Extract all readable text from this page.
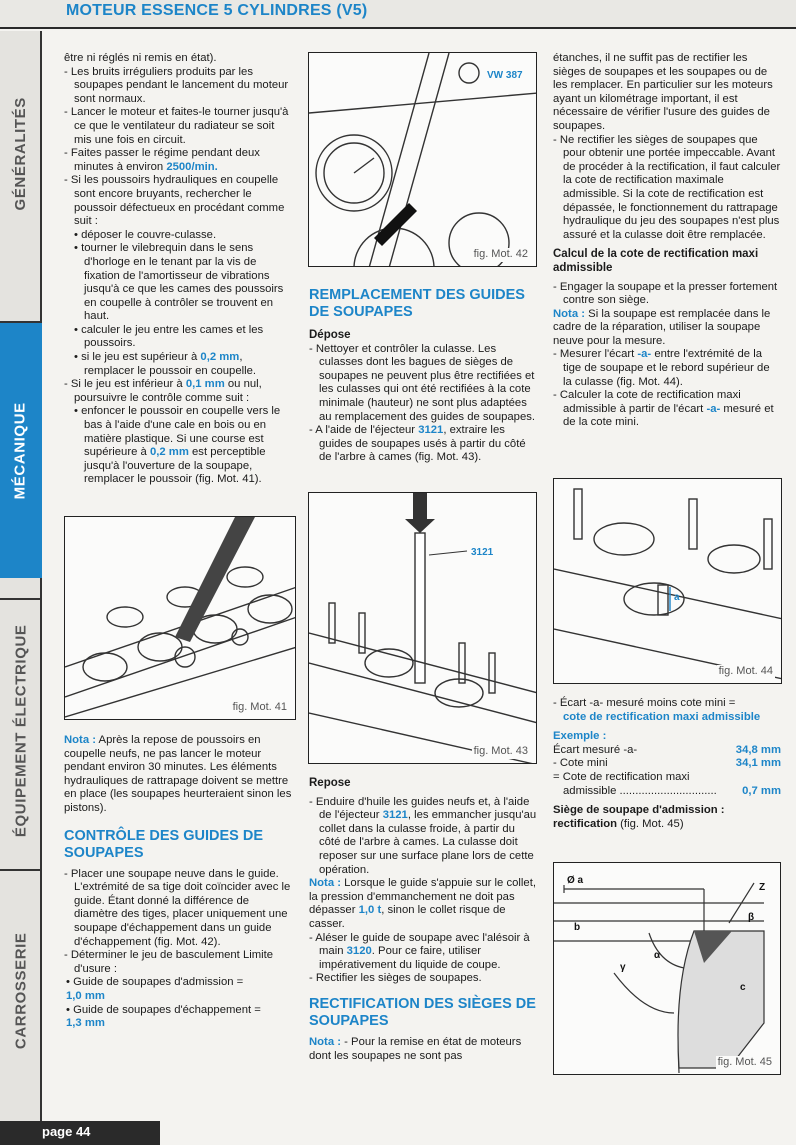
MOTEUR ESSENCE 5 CYLINDRES (V5)
GÉNÉRALITÉS
MÉCANIQUE
ÉQUIPEMENT ÉLECTRIQUE
CARROSSERIE

être ni réglés ni remis en état).

- Les bruits irréguliers produits par les soupapes pendant le lancement du moteur sont normaux.

- Lancer le moteur et faites-le tourner jusqu'à ce que le ventilateur du radiateur se soit mis une fois en circuit.

- Faites passer le régime pendant deux minutes à environ 2500/min.

- Si les poussoirs hydrauliques en coupelle sont encore bruyants, rechercher le poussoir défectueux en procédant comme suit :

• déposer le couvre-culasse.

• tourner le vilebrequin dans le sens d'horloge en le tenant par la vis de fixation de l'amortisseur de vibrations jusqu'à ce que les cames des poussoirs en coupelle à contrôler se trouvent en haut.

• calculer le jeu entre les cames et les poussoirs.

• si le jeu est supérieur à 0,2 mm, remplacer le poussoir en coupelle.

- Si le jeu est inférieur à 0,1 mm ou nul, poursuivre le contrôle comme suit :

• enfoncer le poussoir en coupelle vers le bas à l'aide d'une cale en bois ou en matière plastique. Si une course est supérieure à 0,2 mm est perceptible jusqu'à l'ouverture de la soupape, remplacer le poussoir (fig. Mot. 41).

fig. Mot. 41

Nota : Après la repose de poussoirs en coupelle neufs, ne pas lancer le moteur pendant environ 30 minutes. Les éléments hydrauliques de rattrapage doivent se mettre en place (les soupapes heurteraient sinon les pistons).

CONTRÔLE DES GUIDES DE SOUPAPES

- Placer une soupape neuve dans le guide. L'extrémité de sa tige doit coïncider avec le guide. Étant donné la différence de diamètre des tiges, placer uniquement une soupape d'échappement dans un guide d'échappement (fig. Mot. 42).

- Déterminer le jeu de basculement Limite d'usure :

• Guide de soupapes d'admission =

1,0 mm

• Guide de soupapes d'échappement =

1,3 mm

VW 387
fig. Mot. 42
REMPLACEMENT DES GUIDES DE SOUPAPES
Dépose

- Nettoyer et contrôler la culasse. Les culasses dont les bagues de sièges de soupapes ne peuvent plus être rectifiées et les culasses qui ont été rectifiées à la cote minimale (hauteur) ne sont plus adaptées au remplacement des guides de soupapes.

- A l'aide de l'éjecteur 3121, extraire les guides de soupapes usés à partir du côté de l'arbre à cames (fig. Mot. 43).

3121
fig. Mot. 43
Repose

- Enduire d'huile les guides neufs et, à l'aide de l'éjecteur 3121, les emmancher jusqu'au collet dans la culasse froide, à partir du côté de l'arbre à cames. La culasse doit reposer sur une surface plane lors de cette opération.

Nota : Lorsque le guide s'appuie sur le collet, la pression d'emmanchement ne doit pas dépasser 1,0 t, sinon le collet risque de casser.

- Aléser le guide de soupape avec l'alésoir à main 3120. Pour ce faire, utiliser impérativement du liquide de coupe.

- Rectifier les sièges de soupapes.

RECTIFICATION DES SIÈGES DE SOUPAPES

Nota : - Pour la remise en état de moteurs dont les soupapes ne sont pas

étanches, il ne suffit pas de rectifier les sièges de soupapes et les soupapes ou de les remplacer. En particulier sur les moteurs ayant un kilométrage important, il est nécessaire de vérifier l'usure des guides de soupapes.

- Ne rectifier les sièges de soupapes que pour obtenir une portée impeccable. Avant de procéder à la rectification, il faut calculer la cote de rectification maximale admissible. Si la cote de rectification est dépassée, le fonctionnement du rattrapage hydraulique du jeu des soupapes n'est plus assuré et la culasse doit être remplacée.

Calcul de la cote de rectification maxi admissible

- Engager la soupape et la presser fortement contre son siège.

Nota : Si la soupape est remplacée dans le cadre de la réparation, utiliser la soupape neuve pour la mesure.

- Mesurer l'écart -a- entre l'extrémité de la tige de soupape et le rebord supérieur de la culasse (fig. Mot. 44).

- Calculer la cote de rectification maxi admissible à partir de l'écart -a- mesuré et de la cote mini.

a
fig. Mot. 44

- Écart -a- mesuré moins cote mini =

cote de rectification maxi admissible

Exemple :

Écart mesuré -a-	34,8 mm
- Cote mini	34,1 mm
= Cote de rectification maxi
admissible ............................... 0,7 mm

Siège de soupape d'admission : rectification (fig. Mot. 45)

Ø a
Z
b
β
α
γ
c
fig. Mot. 45
page 44
